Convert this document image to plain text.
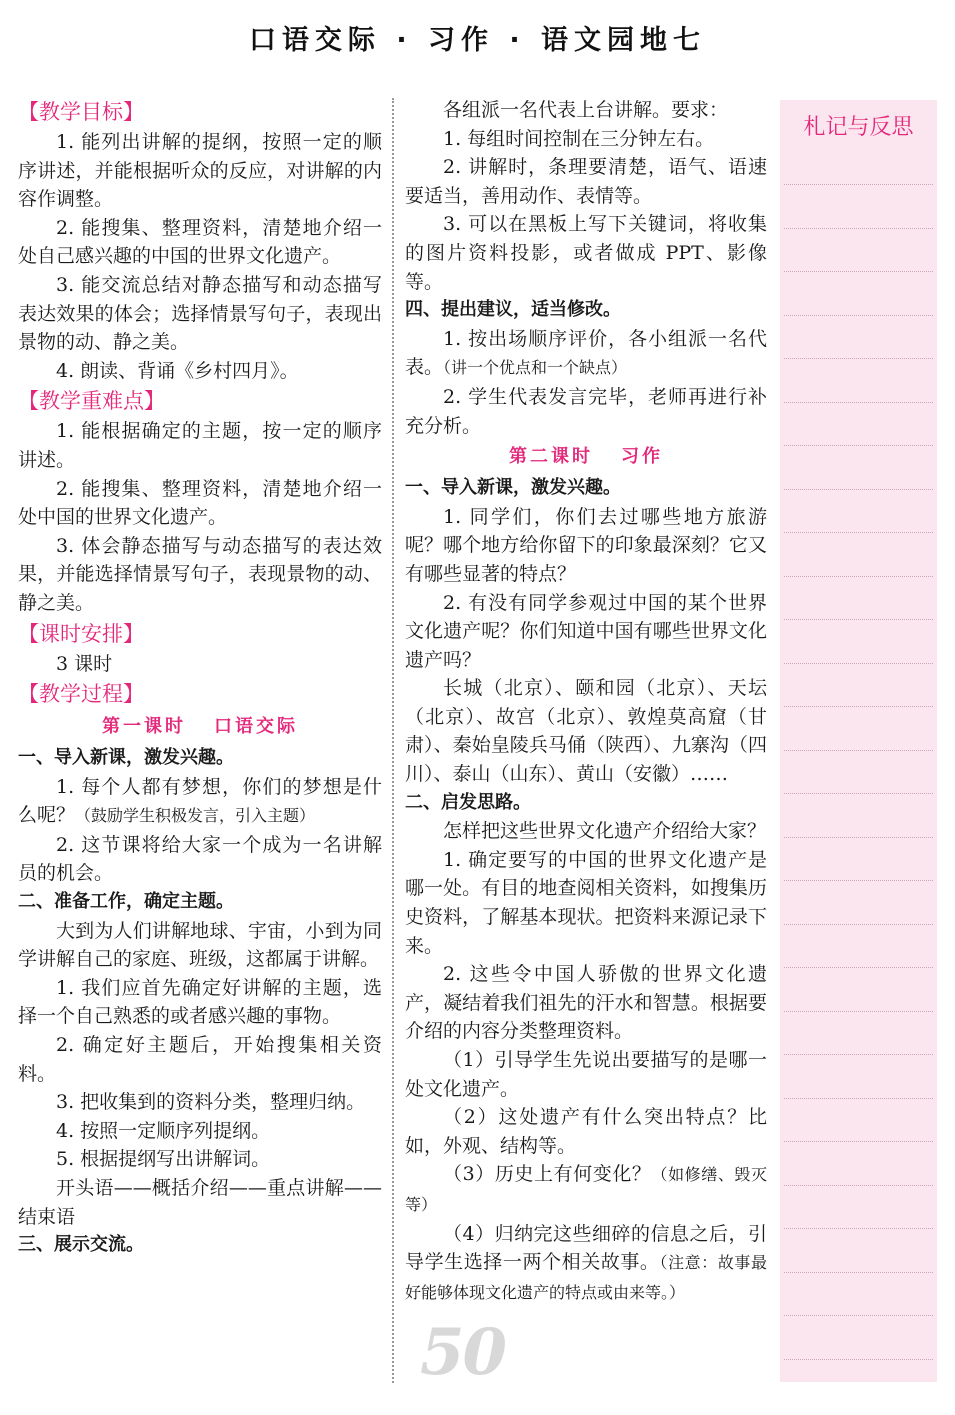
口语交际 · 习作 · 语文园地七
50
【教学目标】

1. 能列出讲解的提纲，按照一定的顺序讲述，并能根据听众的反应，对讲解的内容作调整。

2. 能搜集、整理资料，清楚地介绍一处自己感兴趣的中国的世界文化遗产。

3. 能交流总结对静态描写和动态描写表达效果的体会；选择情景写句子，表现出景物的动、静之美。

4. 朗读、背诵《乡村四月》。

【教学重难点】

1. 能根据确定的主题，按一定的顺序讲述。

2. 能搜集、整理资料，清楚地介绍一处中国的世界文化遗产。

3. 体会静态描写与动态描写的表达效果，并能选择情景写句子，表现景物的动、静之美。

【课时安排】

3 课时

【教学过程】
第一课时 口语交际
一、导入新课，激发兴趣。

1. 每个人都有梦想，你们的梦想是什么呢？（鼓励学生积极发言，引入主题）

2. 这节课将给大家一个成为一名讲解员的机会。

二、准备工作，确定主题。

大到为人们讲解地球、宇宙，小到为同学讲解自己的家庭、班级，这都属于讲解。

1. 我们应首先确定好讲解的主题，选择一个自己熟悉的或者感兴趣的事物。

2. 确定好主题后，开始搜集相关资料。

3. 把收集到的资料分类，整理归纳。

4. 按照一定顺序列提纲。

5. 根据提纲写出讲解词。

开头语——概括介绍——重点讲解——结束语

三、展示交流。

各组派一名代表上台讲解。要求：

1. 每组时间控制在三分钟左右。

2. 讲解时，条理要清楚，语气、语速要适当，善用动作、表情等。

3. 可以在黑板上写下关键词，将收集的图片资料投影，或者做成 PPT、影像等。

四、提出建议，适当修改。

1. 按出场顺序评价，各小组派一名代表。（讲一个优点和一个缺点）

2. 学生代表发言完毕，老师再进行补充分析。

第二课时 习作
一、导入新课，激发兴趣。

1. 同学们，你们去过哪些地方旅游呢？哪个地方给你留下的印象最深刻？它又有哪些显著的特点？

2. 有没有同学参观过中国的某个世界文化遗产呢？你们知道中国有哪些世界文化遗产吗？

长城（北京）、颐和园（北京）、天坛（北京）、故宫（北京）、敦煌莫高窟（甘肃）、秦始皇陵兵马俑（陕西）、九寨沟（四川）、泰山（山东）、黄山（安徽）……

二、启发思路。

怎样把这些世界文化遗产介绍给大家？

1. 确定要写的中国的世界文化遗产是哪一处。有目的地查阅相关资料，如搜集历史资料，了解基本现状。把资料来源记录下来。

2. 这些令中国人骄傲的世界文化遗产，凝结着我们祖先的汗水和智慧。根据要介绍的内容分类整理资料。

（1）引导学生先说出要描写的是哪一处文化遗产。

（2）这处遗产有什么突出特点？比如，外观、结构等。

（3）历史上有何变化？（如修缮、毁灭等）

（4）归纳完这些细碎的信息之后，引导学生选择一两个相关故事。（注意：故事最好能够体现文化遗产的特点或由来等。）

札记与反思
